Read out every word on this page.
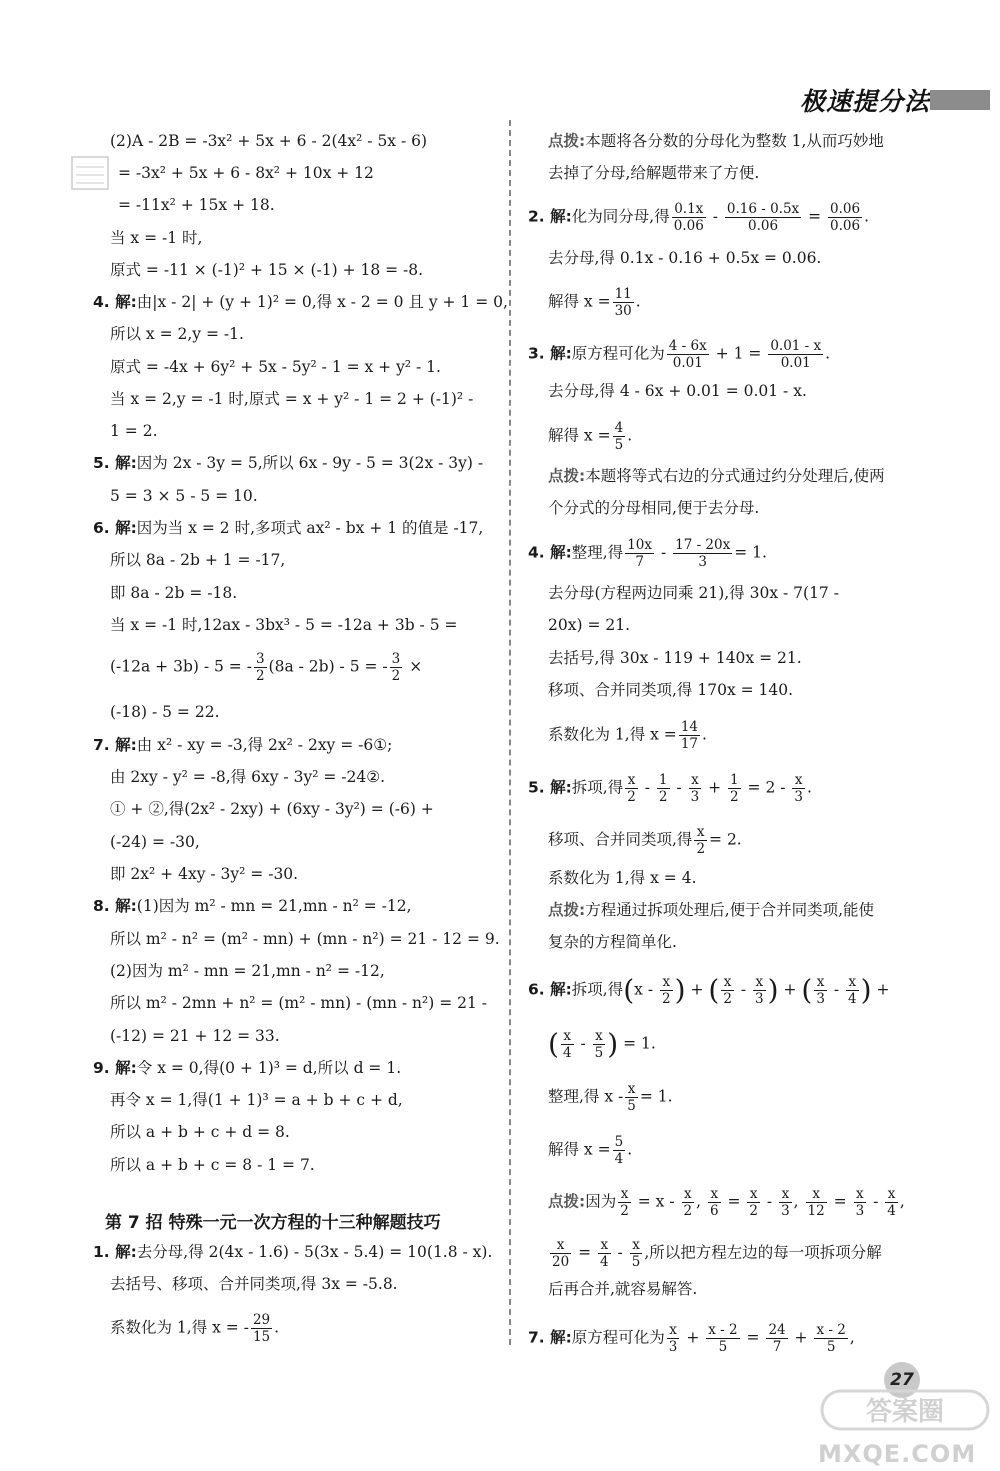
极速提分法
(2)A - 2B = -3x² + 5x + 6 - 2(4x² - 5x - 6)
= -3x² + 5x + 6 - 8x² + 10x + 12
= -11x² + 15x + 18.
当 x = -1 时,
原式 = -11 × (-1)² + 15 × (-1) + 18 = -8.
4. 解:由|x - 2| + (y + 1)² = 0,得 x - 2 = 0 且 y + 1 = 0,
所以 x = 2,y = -1.
原式 = -4x + 6y² + 5x - 5y² - 1 = x + y² - 1.
当 x = 2,y = -1 时,原式 = x + y² - 1 = 2 + (-1)² -
1 = 2.
5. 解:因为 2x - 3y = 5,所以 6x - 9y - 5 = 3(2x - 3y) -
5 = 3 × 5 - 5 = 10.
6. 解:因为当 x = 2 时,多项式 ax² - bx + 1 的值是 -17,
所以 8a - 2b + 1 = -17,
即 8a - 2b = -18.
当 x = -1 时,12ax - 3bx³ - 5 = -12a + 3b - 5 =
(-12a + 3b) - 5 = - $\frac{3}{2} (8a - 2b) - 5$ = - $\frac{3}{2}$ ×
(-18) - 5 = 22.
7. 解:由 x² - xy = -3,得 2x² - 2xy = -6①;
由 2xy - y² = -8,得 6xy - 3y² = -24②.
① + ②,得(2x² - 2xy) + (6xy - 3y²) = (-6) +
(-24) = -30,
即 2x² + 4xy - 3y² = -30.
8. 解:(1)因为 m² - mn = 21,mn - n² = -12,
所以 m² - n² = (m² - mn) + (mn - n²) = 21 - 12 = 9.
(2)因为 m² - mn = 21,mn - n² = -12,
所以 m² - 2mn + n² = (m² - mn) - (mn - n²) = 21 -
(-12) = 21 + 12 = 33.
9. 解:令 x = 0,得(0 + 1)³ = d,所以 d = 1.
再令 x = 1,得(1 + 1)³ = a + b + c + d,
所以 a + b + c + d = 8.
所以 a + b + c = 8 - 1 = 7.
第 7 招 特殊一元一次方程的十三种解题技巧
1. 解:去分母,得 2(4x - 1.6) - 5(3x - 5.4) = 10(1.8 - x).
去括号、移项、合并同类项,得 3x = -5.8.
系数化为 1,得 x = - $\frac{29}{15}$ .
点拨:本题将各分数的分母化为整数 1,从而巧妙地
去掉了分母,给解题带来了方便.
2. 解:化为同分母,得 $\frac{0.1x}{0.06} - \frac{0.16 - 0.5x}{0.06} = \frac{0.06}{0.06}$ .
去分母,得 0.1x - 0.16 + 0.5x = 0.06.
解得 $x = \frac{11}{30}$ .
3. 解:原方程可化为 $\frac{4 - 6x}{0.01} + 1 = \frac{0.01 - x}{0.01}$ .
去分母,得 4 - 6x + 0.01 = 0.01 - x.
解得 $x = \frac{4}{5}$ .
点拨:本题将等式右边的分式通过约分处理后,使两
个分式的分母相同,便于去分母.
4. 解:整理,得 $\frac{10x}{7} - \frac{17 - 20x}{3} = 1$.
去分母(方程两边同乘 21),得 30x - 7(17 -
20x) = 21.
去括号,得 30x - 119 + 140x = 21.
移项、合并同类项,得 170x = 140.
系数化为 1,得 $x = \frac{14}{17}$ .
5. 解:拆项,得 $\frac{x}{2} - \frac{1}{2} - \frac{x}{3} + \frac{1}{2} = 2 - \frac{x}{3}$ .
移项、合并同类项,得 $\frac{x}{2} = 2$.
系数化为 1,得 x = 4.
点拨:方程通过拆项处理后,便于合并同类项,能使
复杂的方程简单化.
6. 解:拆项,得($x - \frac{x}{2}$ ) + ( $\frac{x}{2} - \frac{x}{3}$ ) + ( $\frac{x}{3} - \frac{x}{4}$ ) +
( $\frac{x}{4} - \frac{x}{5}$ ) = 1.
整理,得 $x - \frac{x}{5} = 1$.
解得 $x = \frac{5}{4}$ .
点拨:因为 $\frac{x}{2} = x - \frac{x}{2}$ , $\frac{x}{6} = \frac{x}{2} - \frac{x}{3}$ , $\frac{x}{12} = \frac{x}{3} - \frac{x}{4}$ ,
$\frac{x}{20} = \frac{x}{4} - \frac{x}{5}$ ,所以把方程左边的每一项拆项分解
后再合并,就容易解答.
7. 解:原方程可化为 $\frac{x}{3} + \frac{x - 2}{5} = \frac{24}{7} + \frac{x - 2}{5}$ ,
27
答案圈
MXQE.COM
